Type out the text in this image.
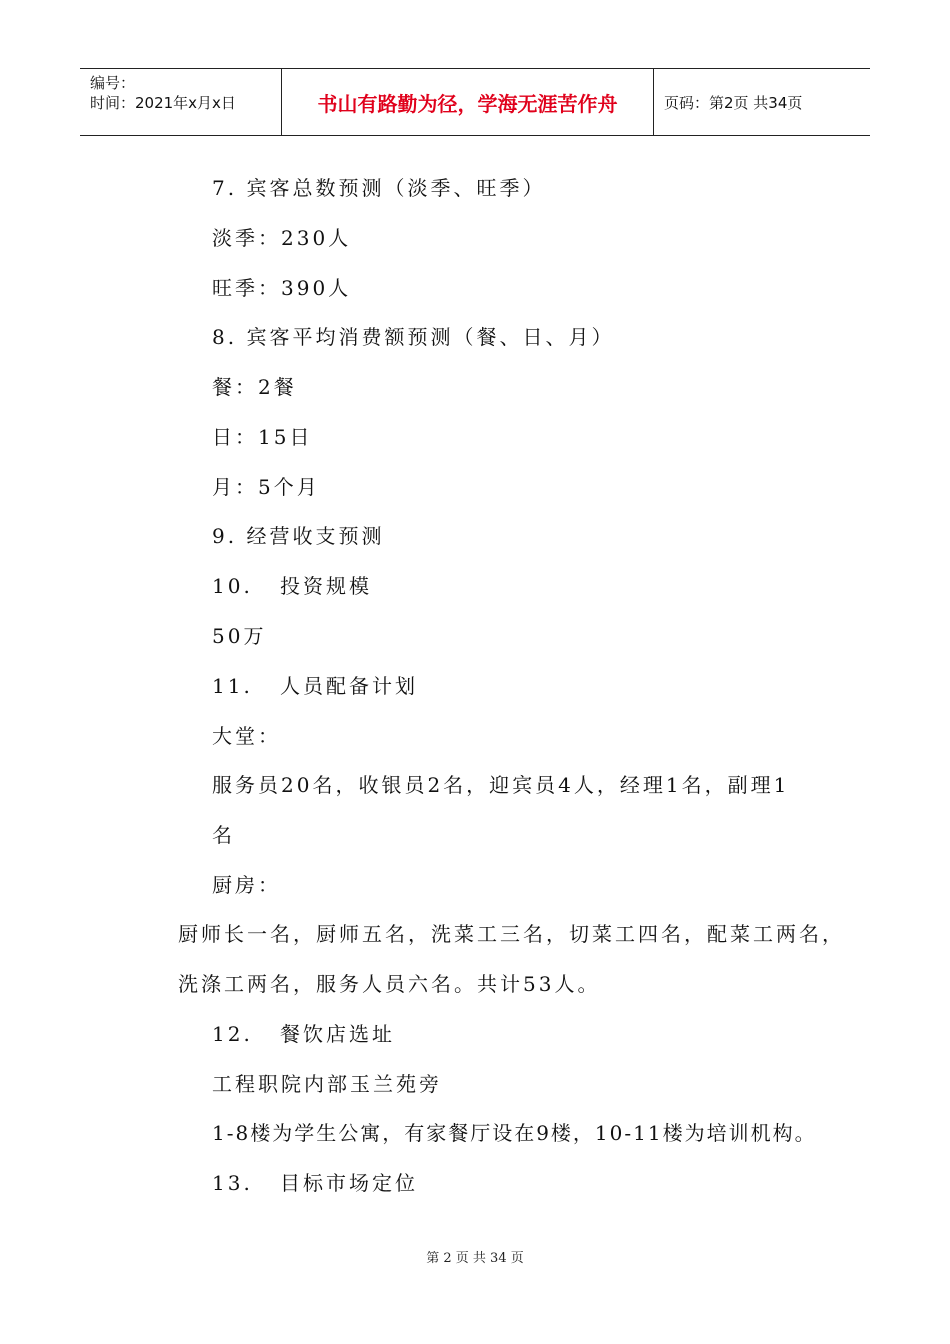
编号：
时间：2021年x月x日	书山有路勤为径，学海无涯苦作舟	页码：第2页 共34页
7. 宾客总数预测（淡季、旺季）
淡季：230人
旺季：390人
8. 宾客平均消费额预测（餐、日、月）
餐：2餐
日：15日
月：5个月
9. 经营收支预测
10. 投资规模
50万
11. 人员配备计划
大堂：
服务员20名，收银员2名，迎宾员4人，经理1名，副理1
名
厨房：
厨师长一名，厨师五名，洗菜工三名，切菜工四名，配菜工两名，
洗涤工两名，服务人员六名。共计53人。
12. 餐饮店选址
工程职院内部玉兰苑旁
1-8楼为学生公寓，有家餐厅设在9楼，10-11楼为培训机构。
13. 目标市场定位
第 2 页 共 34 页
